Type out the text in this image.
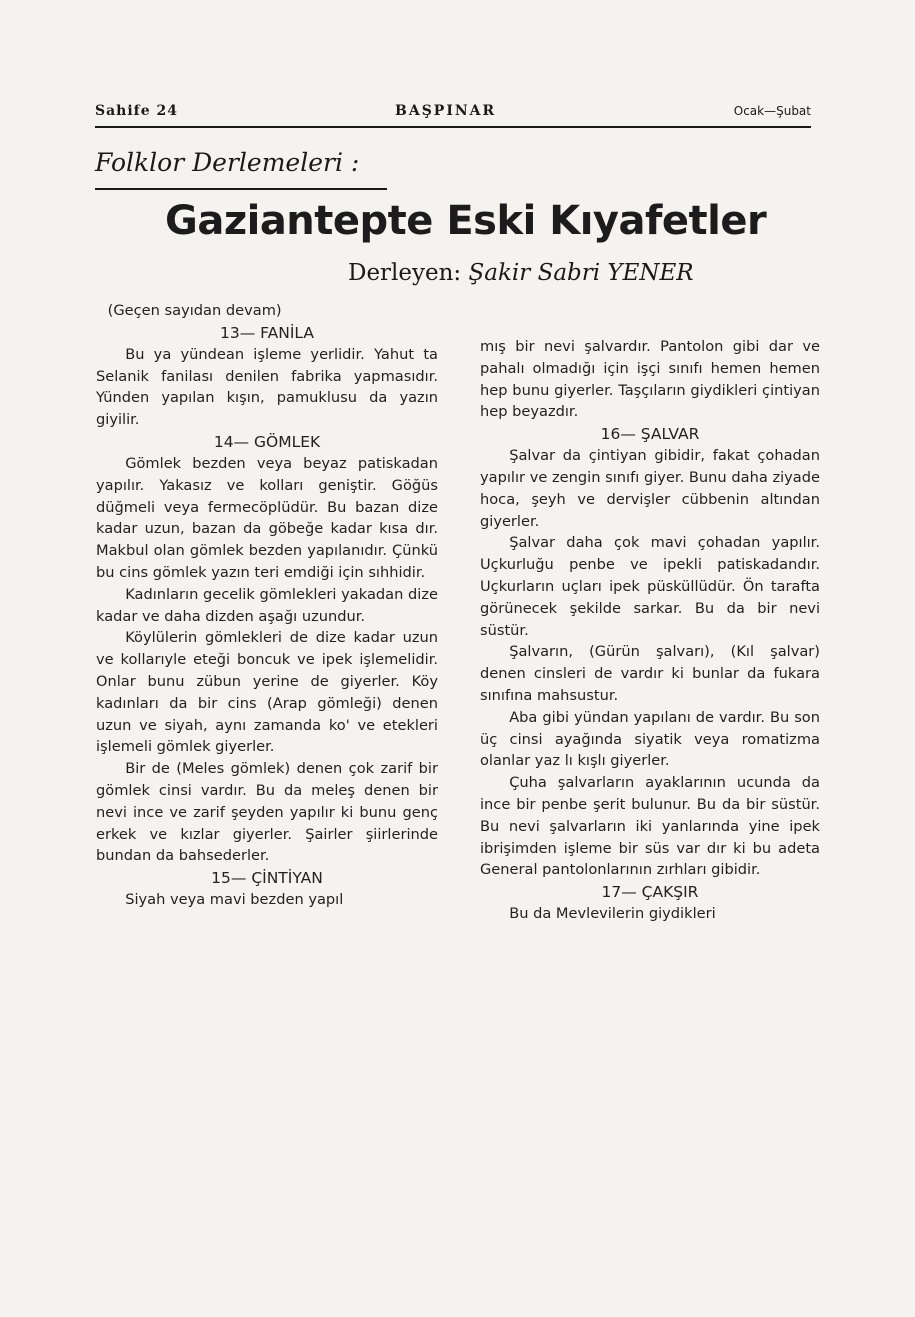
Sahife 24	BAŞPINAR	Ocak—Şubat
Folklor Derlemeleri :
Gaziantepte Eski Kıyafetler
Derleyen: Şakir Sabri YENER

(Geçen sayıdan devam)

13— FANİLA

Bu ya yündean işleme yerlidir. Yahut ta Selanik fanilası denilen fabrika yapmasıdır. Yünden yapılan kışın, pamuklusu da yazın giyilir.

14— GÖMLEK

Gömlek bezden veya beyaz patiskadan yapılır. Yakasız ve kolları geniştir. Göğüs düğmeli veya fermecöplüdür. Bu bazan dize kadar uzun, bazan da göbeğe kadar kısa dır. Makbul olan gömlek bezden yapılanıdır. Çünkü bu cins gömlek yazın teri emdiği için sıhhidir.

Kadınların gecelik gömlekleri yakadan dize kadar ve daha dizden aşağı uzundur.

Köylülerin gömlekleri de dize kadar uzun ve kollarıyle eteği boncuk ve ipek işlemelidir. Onlar bunu zübun yerine de giyerler. Köy kadınları da bir cins (Arap gömleği) denen uzun ve siyah, aynı zamanda ko' ve etekleri işlemeli gömlek giyerler.

Bir de (Meles gömlek) denen çok zarif bir gömlek cinsi vardır. Bu da meleş denen bir nevi ince ve zarif şeyden yapılır ki bunu genç erkek ve kızlar giyerler. Şairler şiirlerinde bundan da bahsederler.

15— ÇİNTİYAN

Siyah veya mavi bezden yapıl

mış bir nevi şalvardır. Pantolon gibi dar ve pahalı olmadığı için işçi sınıfı hemen hemen hep bunu giyerler. Taşçıların giydikleri çintiyan hep beyazdır.

16— ŞALVAR

Şalvar da çintiyan gibidir, fakat çohadan yapılır ve zengin sınıfı giyer. Bunu daha ziyade hoca, şeyh ve dervişler cübbenin altından giyerler.

Şalvar daha çok mavi çohadan yapılır. Uçkurluğu penbe ve ipekli patiskadandır. Uçkurların uçları ipek püsküllüdür. Ön tarafta görünecek şekilde sarkar. Bu da bir nevi süstür.

Şalvarın, (Gürün şalvarı), (Kıl şalvar) denen cinsleri de vardır ki bunlar da fukara sınıfına mahsustur.

Aba gibi yündan yapılanı de vardır. Bu son üç cinsi ayağında siyatik veya romatizma olanlar yaz lı kışlı giyerler.

Çuha şalvarların ayaklarının ucunda da ince bir penbe şerit bulunur. Bu da bir süstür. Bu nevi şalvarların iki yanlarında yine ipek ibrişimden işleme bir süs var dır ki bu adeta General pantolonlarının zırhları gibidir.

17— ÇAKŞIR

Bu da Mevlevilerin giydikleri
